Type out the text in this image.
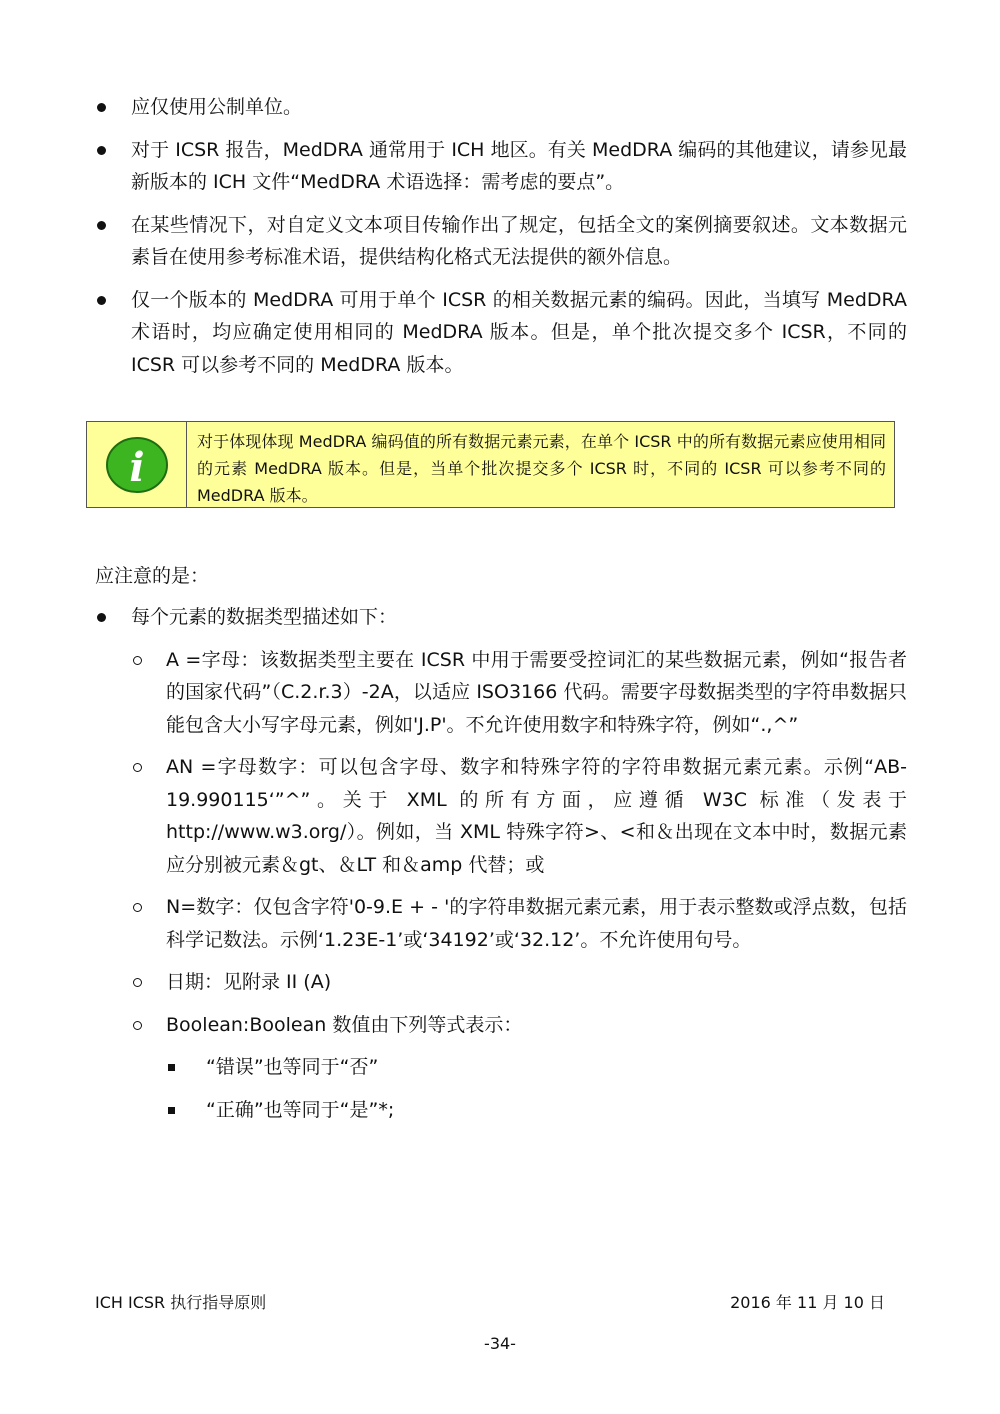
应仅使用公制单位。
对于 ICSR 报告，MedDRA 通常用于 ICH 地区。有关 MedDRA 编码的其他建议，请参见最新版本的 ICH 文件“MedDRA 术语选择：需考虑的要点”。
在某些情况下，对自定义文本项目传输作出了规定，包括全文的案例摘要叙述。文本数据元素旨在使用参考标准术语，提供结构化格式无法提供的额外信息。
仅一个版本的 MedDRA 可用于单个 ICSR 的相关数据元素的编码。因此，当填写 MedDRA 术语时，均应确定使用相同的 MedDRA 版本。但是，单个批次提交多个 ICSR，不同的 ICSR 可以参考不同的 MedDRA 版本。
i
对于体现体现 MedDRA 编码值的所有数据元素元素，在单个 ICSR 中的所有数据元素应使用相同的元素 MedDRA 版本。但是，当单个批次提交多个 ICSR 时，不同的 ICSR 可以参考不同的 MedDRA 版本。
应注意的是：
每个元素的数据类型描述如下：
A =字母：该数据类型主要在 ICSR 中用于需要受控词汇的某些数据元素，例如“报告者的国家代码”（C.2.r.3）-2A，以适应 ISO3166 代码。需要字母数据类型的字符串数据只能包含大小写字母元素，例如'J.P'。不允许使用数字和特殊字符，例如“.,^”
AN =字母数字：可以包含字母、数字和特殊字符的字符串数据元素元素。示例“AB-19.990115‘”^”。关于 XML 的所有方面，应遵循 W3C 标准（发表于 http://www.w3.org/）。例如，当 XML 特殊字符>、<和＆出现在文本中时，数据元素应分别被元素＆gt、＆LT 和＆amp 代替；或
N=数字：仅包含字符'0-9.E + - '的字符串数据元素元素，用于表示整数或浮点数，包括科学记数法。示例‘1.23E-1’或‘34192’或‘32.12’。不允许使用句号。
日期：见附录 II (A)
Boolean:Boolean 数值由下列等式表示：
“错误”也等同于“否”
“正确”也等同于“是”*;
ICH ICSR 执行指导原则	2016 年 11 月 10 日
-34-
